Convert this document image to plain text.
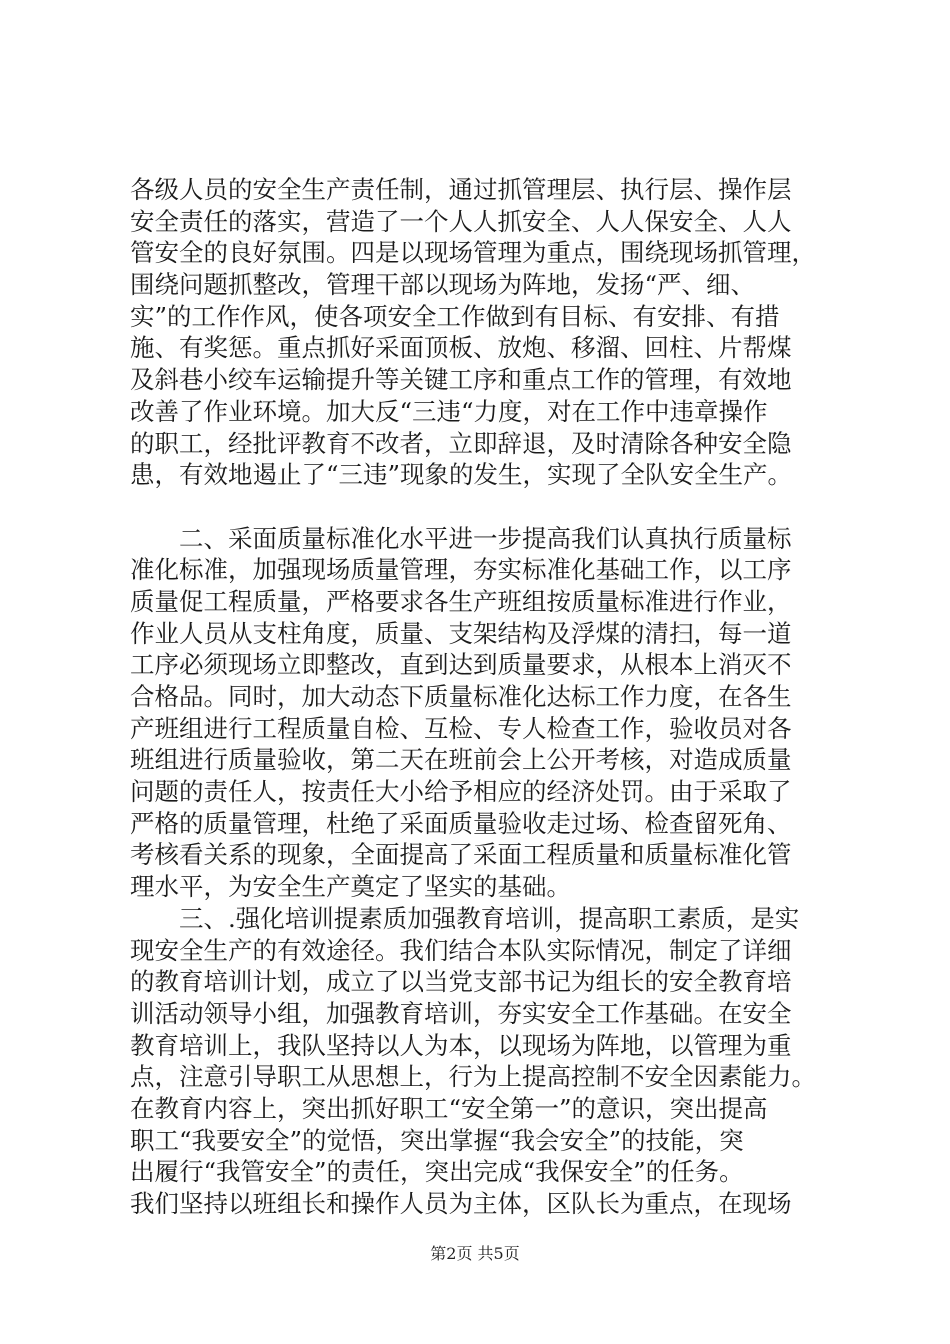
各级人员的安全生产责任制，通过抓管理层、执行层、操作层
安全责任的落实，营造了一个人人抓安全、人人保安全、人人
管安全的良好氛围。四是以现场管理为重点，围绕现场抓管理，
围绕问题抓整改，管理干部以现场为阵地，发扬“严、细、
实”的工作作风，使各项安全工作做到有目标、有安排、有措
施、有奖惩。重点抓好采面顶板、放炮、移溜、回柱、片帮煤
及斜巷小绞车运输提升等关键工序和重点工作的管理，有效地
改善了作业环境。加大反“三违“力度，对在工作中违章操作
的职工，经批评教育不改者，立即辞退，及时清除各种安全隐
患，有效地遏止了“三违”现象的发生，实现了全队安全生产。
　　二、采面质量标准化水平进一步提高我们认真执行质量标
准化标准，加强现场质量管理，夯实标准化基础工作，以工序
质量促工程质量，严格要求各生产班组按质量标准进行作业，
作业人员从支柱角度，质量、支架结构及浮煤的清扫，每一道
工序必须现场立即整改，直到达到质量要求，从根本上消灭不
合格品。同时，加大动态下质量标准化达标工作力度，在各生
产班组进行工程质量自检、互检、专人检查工作，验收员对各
班组进行质量验收，第二天在班前会上公开考核，对造成质量
问题的责任人，按责任大小给予相应的经济处罚。由于采取了
严格的质量管理，杜绝了采面质量验收走过场、检查留死角、
考核看关系的现象，全面提高了采面工程质量和质量标准化管
理水平，为安全生产奠定了坚实的基础。
　　三、.强化培训提素质加强教育培训，提高职工素质，是实
现安全生产的有效途径。我们结合本队实际情况，制定了详细
的教育培训计划，成立了以当党支部书记为组长的安全教育培
训活动领导小组，加强教育培训，夯实安全工作基础。在安全
教育培训上，我队坚持以人为本，以现场为阵地，以管理为重
点，注意引导职工从思想上，行为上提高控制不安全因素能力。
在教育内容上，突出抓好职工“安全第一”的意识，突出提高
职工“我要安全”的觉悟，突出掌握“我会安全”的技能，突
出履行“我管安全”的责任，突出完成“我保安全”的任务。
我们坚持以班组长和操作人员为主体，区队长为重点，在现场
第2页 共5页
